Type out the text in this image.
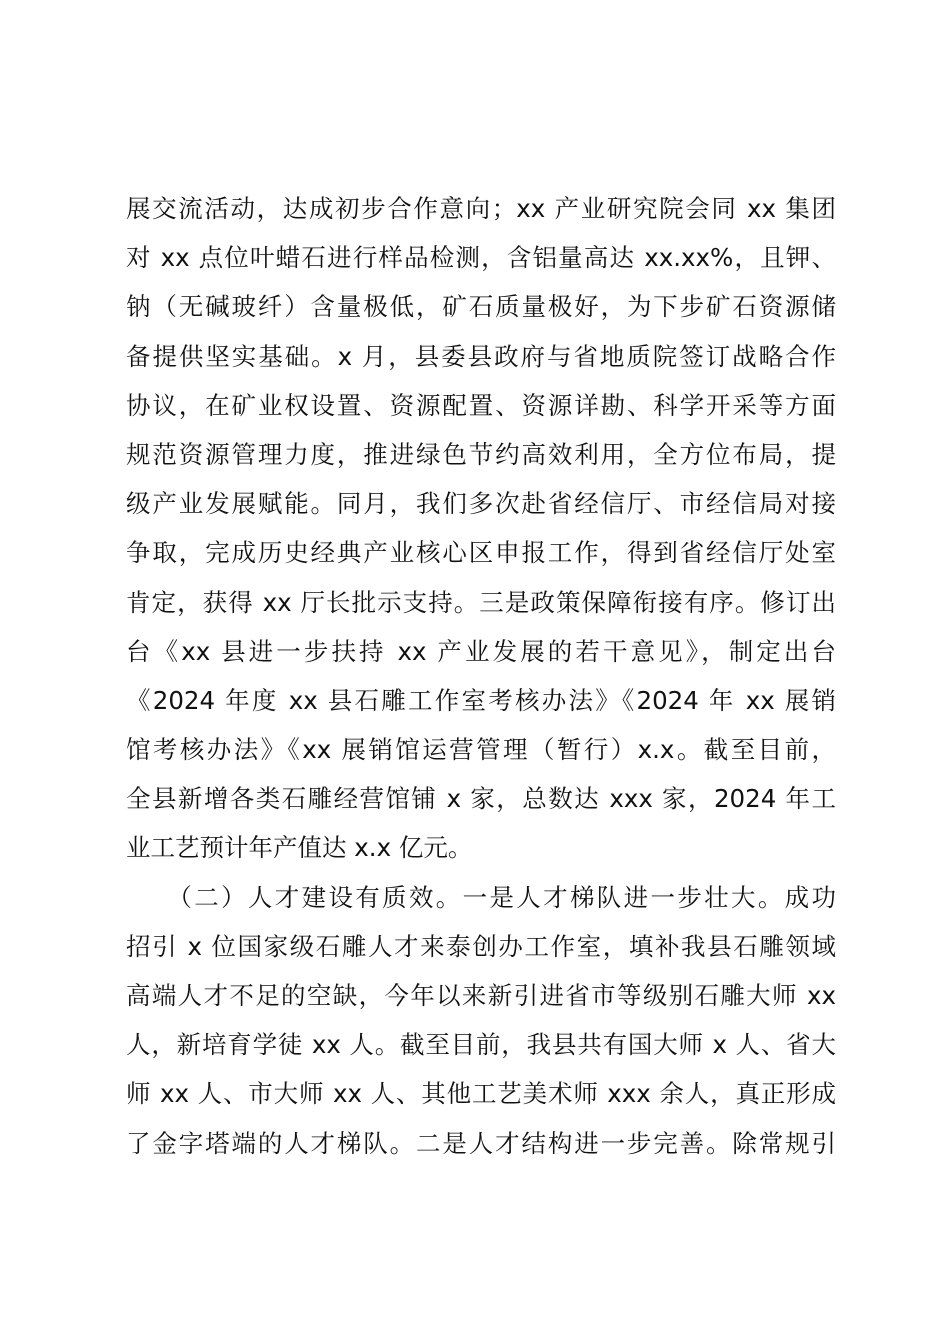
展交流活动，达成初步合作意向；xx 产业研究院会同 xx 集团
对 xx 点位叶蜡石进行样品检测，含铝量高达 xx.xx%，且钾、
钠（无碱玻纤）含量极低，矿石质量极好，为下步矿石资源储
备提供坚实基础。x 月，县委县政府与省地质院签订战略合作
协议，在矿业权设置、资源配置、资源详勘、科学开采等方面
规范资源管理力度，推进绿色节约高效利用，全方位布局，提
级产业发展赋能。同月，我们多次赴省经信厅、市经信局对接
争取，完成历史经典产业核心区申报工作，得到省经信厅处室
肯定，获得 xx 厅长批示支持。三是政策保障衔接有序。修订出
台《xx 县进一步扶持 xx 产业发展的若干意见》，制定出台
《2024 年度 xx 县石雕工作室考核办法》《2024 年 xx 展销
馆考核办法》《xx 展销馆运营管理（暂行）x.x。截至目前，
全县新增各类石雕经营馆铺 x 家，总数达 xxx 家，2024 年工
业工艺预计年产值达 x.x 亿元。
　　（二）人才建设有质效。一是人才梯队进一步壮大。成功
招引 x 位国家级石雕人才来泰创办工作室，填补我县石雕领域
高端人才不足的空缺，今年以来新引进省市等级别石雕大师 xx
人，新培育学徒 xx 人。截至目前，我县共有国大师 x 人、省大
师 xx 人、市大师 xx 人、其他工艺美术师 xxx 余人，真正形成
了金字塔端的人才梯队。二是人才结构进一步完善。除常规引
